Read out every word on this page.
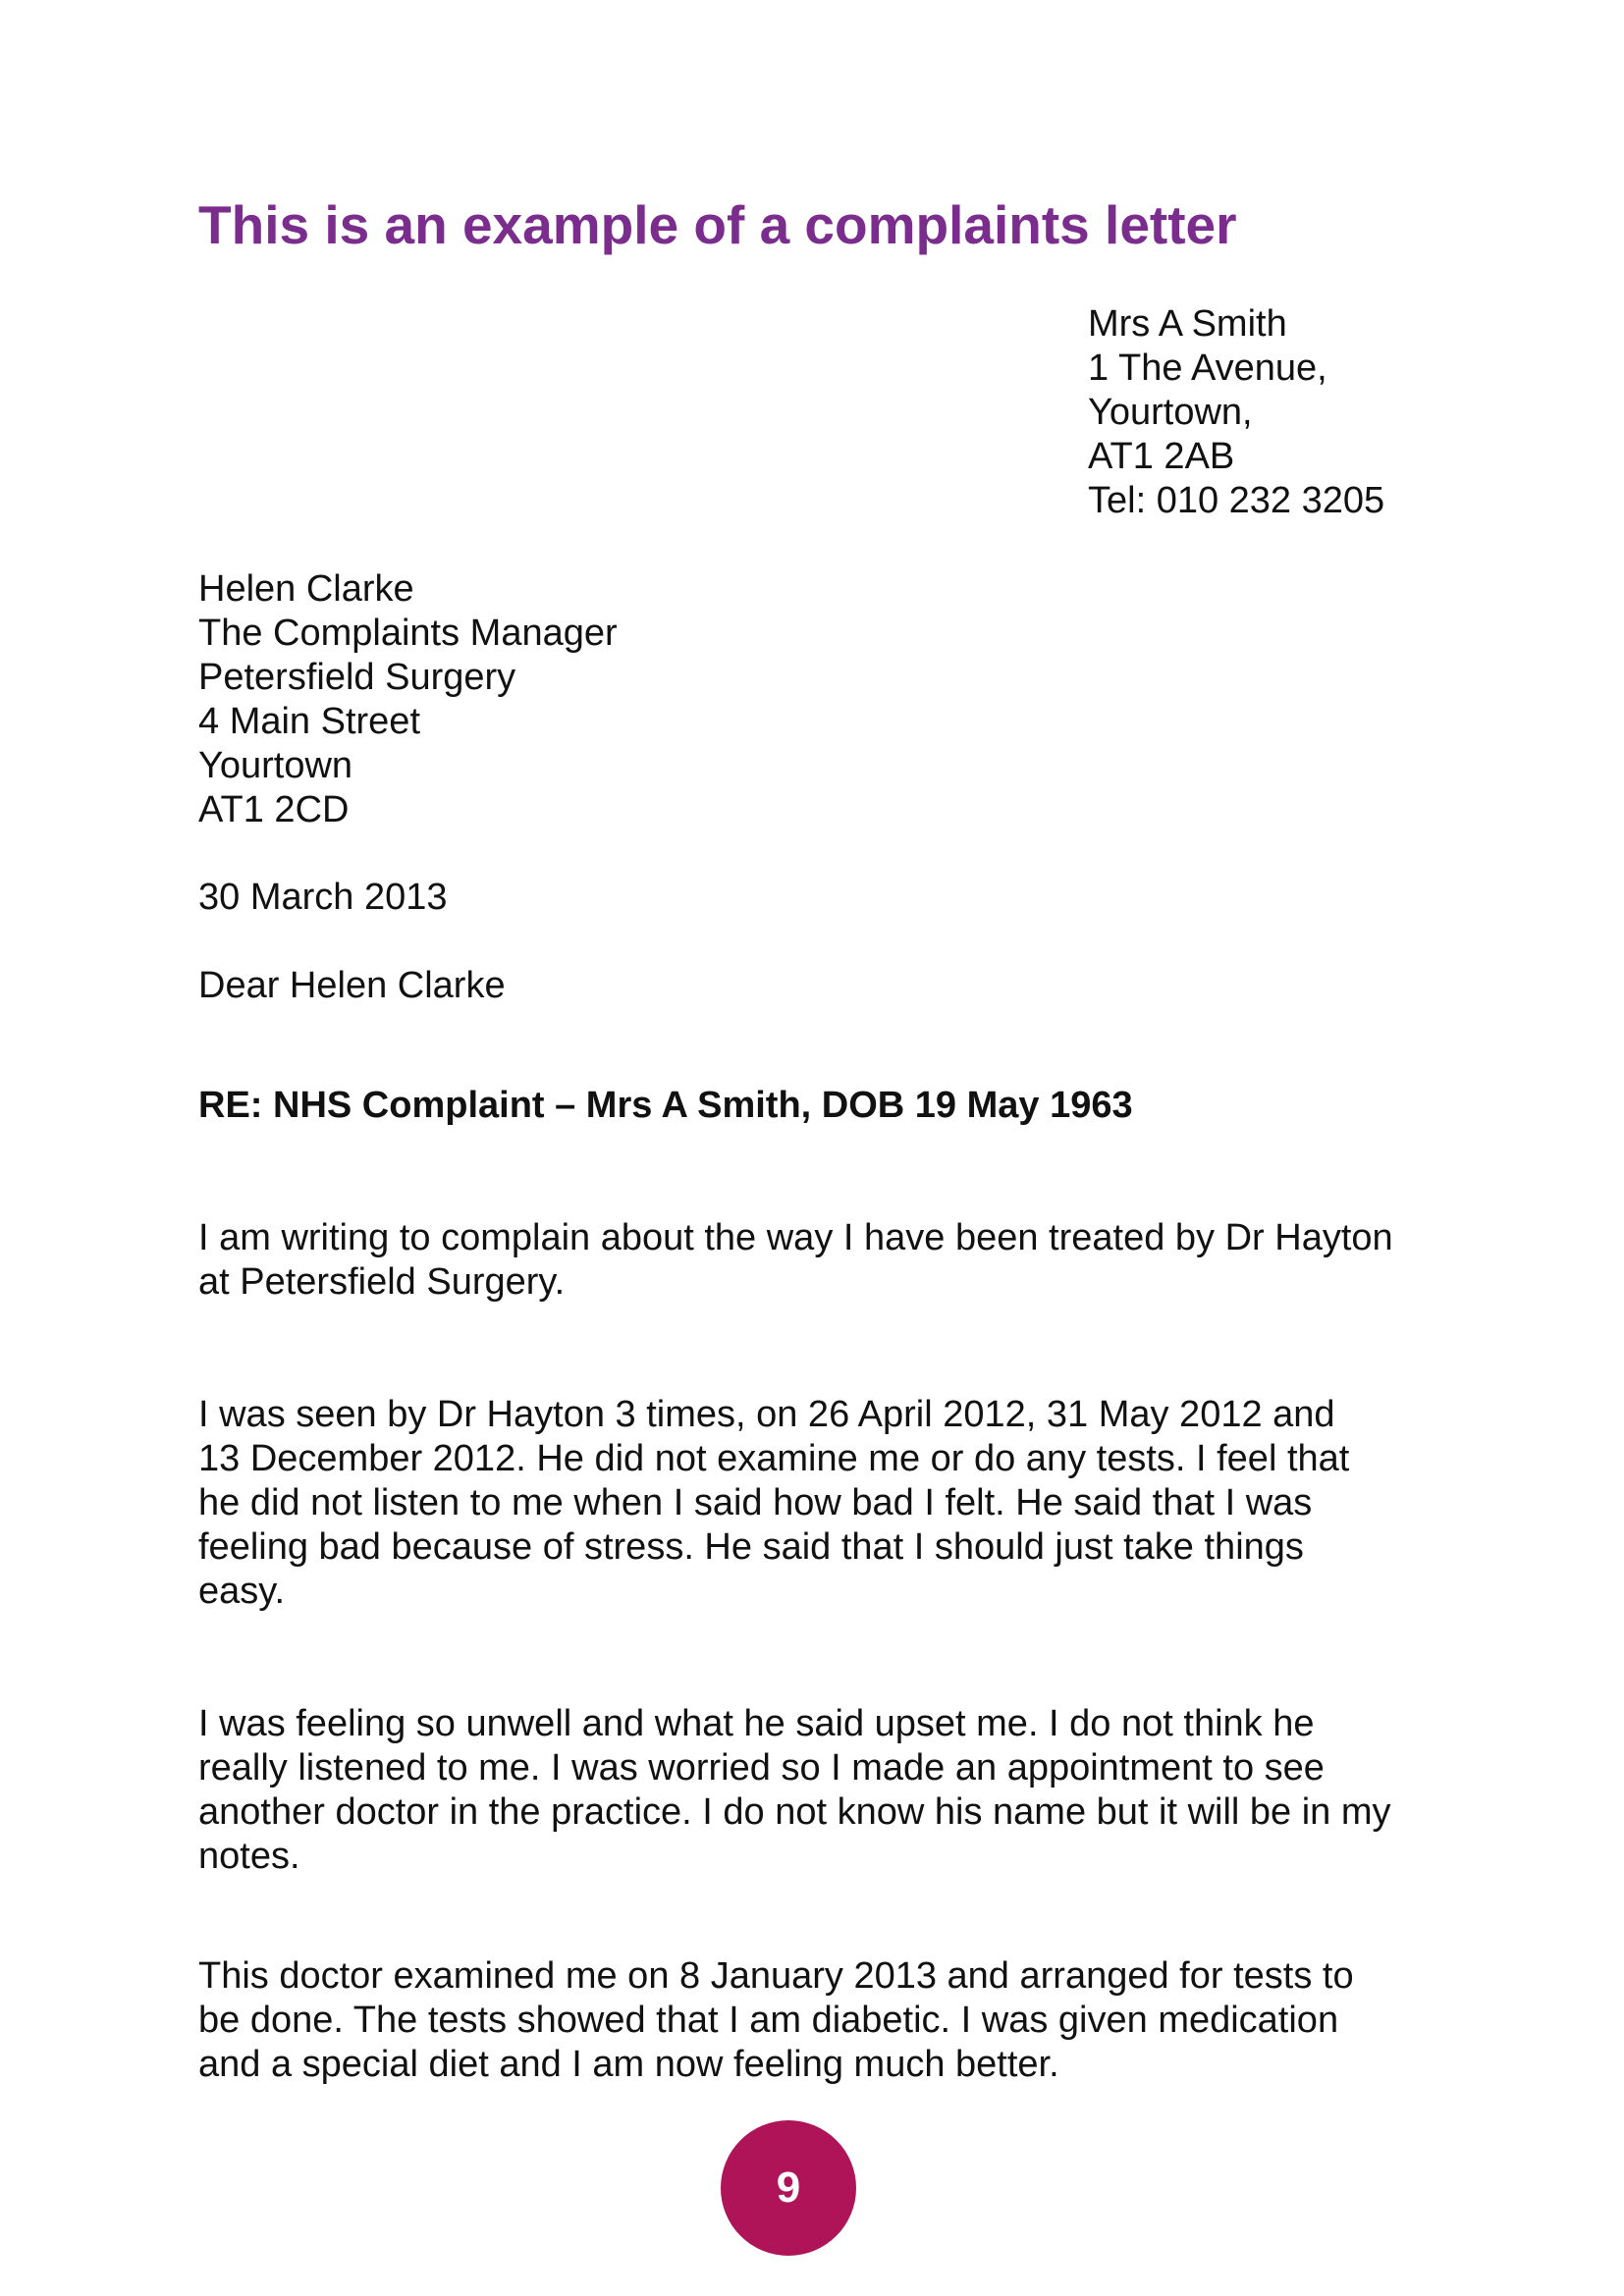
This is an example of a complaints letter
Mrs A Smith
1 The Avenue,
Yourtown,
AT1 2AB
Tel: 010 232 3205
Helen Clarke
The Complaints Manager
Petersfield Surgery
4 Main Street
Yourtown
AT1 2CD
30 March 2013
Dear Helen Clarke
RE: NHS Complaint – Mrs A Smith, DOB 19 May 1963
I am writing to complain about the way I have been treated by Dr Hayton
at Petersfield Surgery.
I was seen by Dr Hayton 3 times, on 26 April 2012, 31 May 2012 and
13 December 2012. He did not examine me or do any tests. I feel that
he did not listen to me when I said how bad I felt. He said that I was
feeling bad because of stress. He said that I should just take things
easy.
I was feeling so unwell and what he said upset me. I do not think he
really listened to me. I was worried so I made an appointment to see
another doctor in the practice. I do not know his name but it will be in my
notes.
This doctor examined me on 8 January 2013 and arranged for tests to
be done. The tests showed that I am diabetic. I was given medication
and a special diet and I am now feeling much better.
9
